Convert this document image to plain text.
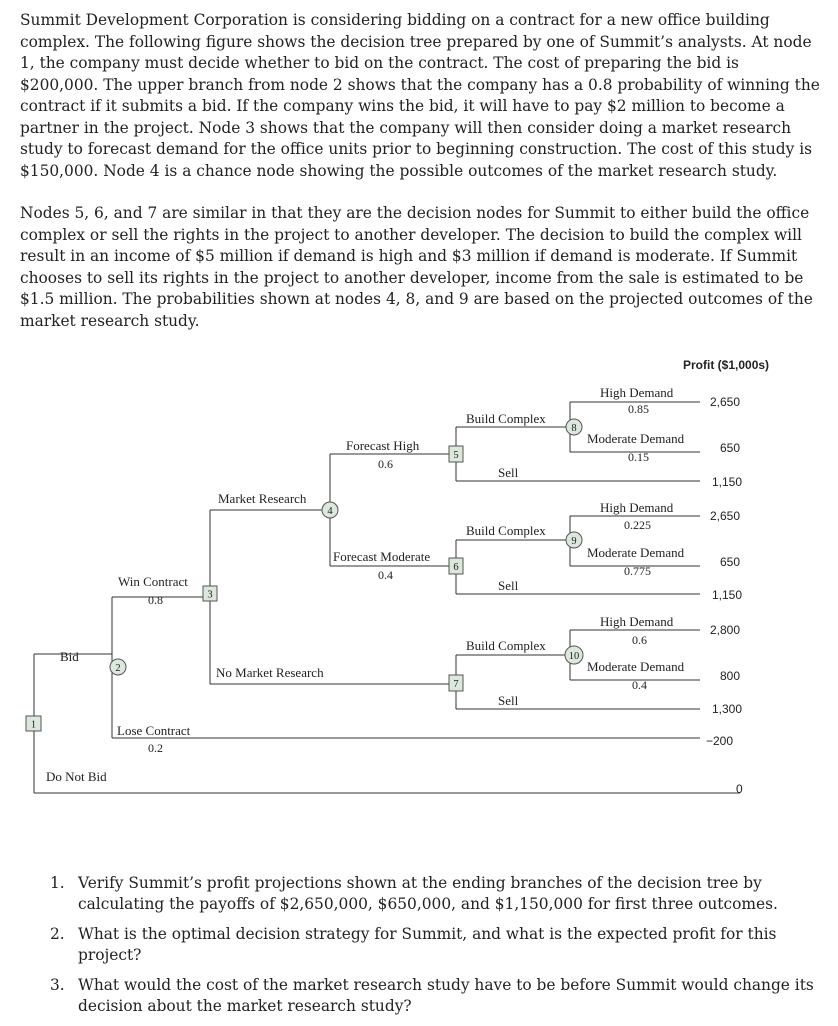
Summit Development Corporation is considering bidding on a contract for a new office building complex. The following figure shows the decision tree prepared by one of Summit’s analysts. At node 1, the company must decide whether to bid on the contract. The cost of preparing the bid is $200,000. The upper branch from node 2 shows that the company has a 0.8 probability of winning the contract if it submits a bid. If the company wins the bid, it will have to pay $2 million to become a partner in the project. Node 3 shows that the company will then consider doing a market research study to forecast demand for the office units prior to beginning construction. The cost of this study is $150,000. Node 4 is a chance node showing the possible outcomes of the market research study.

Nodes 5, 6, and 7 are similar in that they are the decision nodes for Summit to either build the office complex or sell the rights in the project to another developer. The decision to build the complex will result in an income of $5 million if demand is high and $3 million if demand is moderate. If Summit chooses to sell its rights in the project to another developer, income from the sale is estimated to be $1.5 million. The probabilities shown at nodes 4, 8, and 9 are based on the projected outcomes of the market research study.

1
3
5
6
7
2
4
8
9
10
Bid
Do Not Bid
Win Contract
0.8
Lose Contract
0.2
Market Research
No Market Research
Forecast High
0.6
Forecast Moderate
0.4
Build Complex
Sell
Build Complex
Sell
Build Complex
Sell
High Demand
0.85
Moderate Demand
0.15
High Demand
0.225
Moderate Demand
0.775
High Demand
0.6
Moderate Demand
0.4
Profit ($1,000s)
2,650
650
1,150
2,650
650
1,150
2,800
800
1,300
−200
0
1. Verify Summit’s profit projections shown at the ending branches of the decision tree by calculating the payoffs of $2,650,000, $650,000, and $1,150,000 for first three outcomes.
2. What is the optimal decision strategy for Summit, and what is the expected profit for this project?
3. What would the cost of the market research study have to be before Summit would change its decision about the market research study?
